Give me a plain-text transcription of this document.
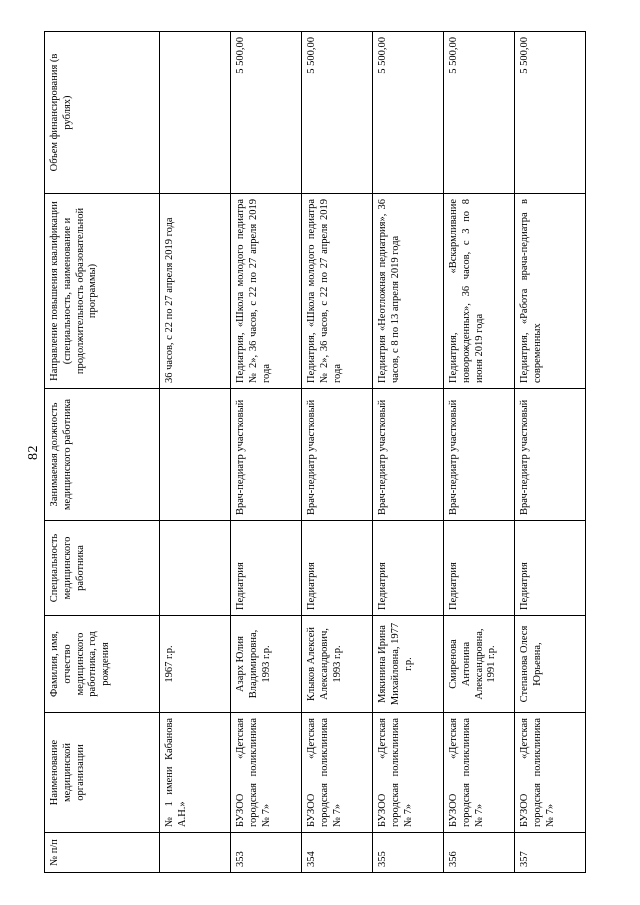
82
№ п/п	Наименование медицинской организации	Фамилия, имя, отчество медицинского работника, год рождения	Специальность медицинского работника	Занимаемая должность медицинского работника	Направление повышения квалификации (специальность, наименование и продолжительность образовательной программы)	Объем финансирования (в рублях)
	№ 1 имени Кабанова А.Н.»	1967 г.р.			36 часов, с 22 по 27 апреля 2019 года	
353	БУЗОО «Детская городская поликлиника № 7»	Азарх Юлия Владимировна, 1993 г.р.	Педиатрия	Врач-педиатр участковый	Педиатрия, «Школа молодого педиатра № 2», 36 часов, с 22 по 27 апреля 2019 года	5 500,00
354	БУЗОО «Детская городская поликлиника № 7»	Клыков Алексей Александрович, 1993 г.р.	Педиатрия	Врач-педиатр участковый	Педиатрия, «Школа молодого педиатра № 2», 36 часов, с 22 по 27 апреля 2019 года	5 500,00
355	БУЗОО «Детская городская поликлиника № 7»	Мякинина Ирина Михайловна, 1977 г.р.	Педиатрия	Врач-педиатр участковый	Педиатрия «Неотложная педиатрия», 36 часов, с 8 по 13 апреля 2019 года	5 500,00
356	БУЗОО «Детская городская поликлиника № 7»	Смиренова Антонина Александровна, 1991 г.р.	Педиатрия	Врач-педиатр участковый	Педиатрия, «Вскармливание новорожденных», 36 часов, с 3 по 8 июня 2019 года	5 500,00
357	БУЗОО «Детская городская поликлиника № 7»	Степанова Олеся Юрьевна,	Педиатрия	Врач-педиатр участковый	Педиатрия, «Работа врача-педиатра в современных	5 500,00
